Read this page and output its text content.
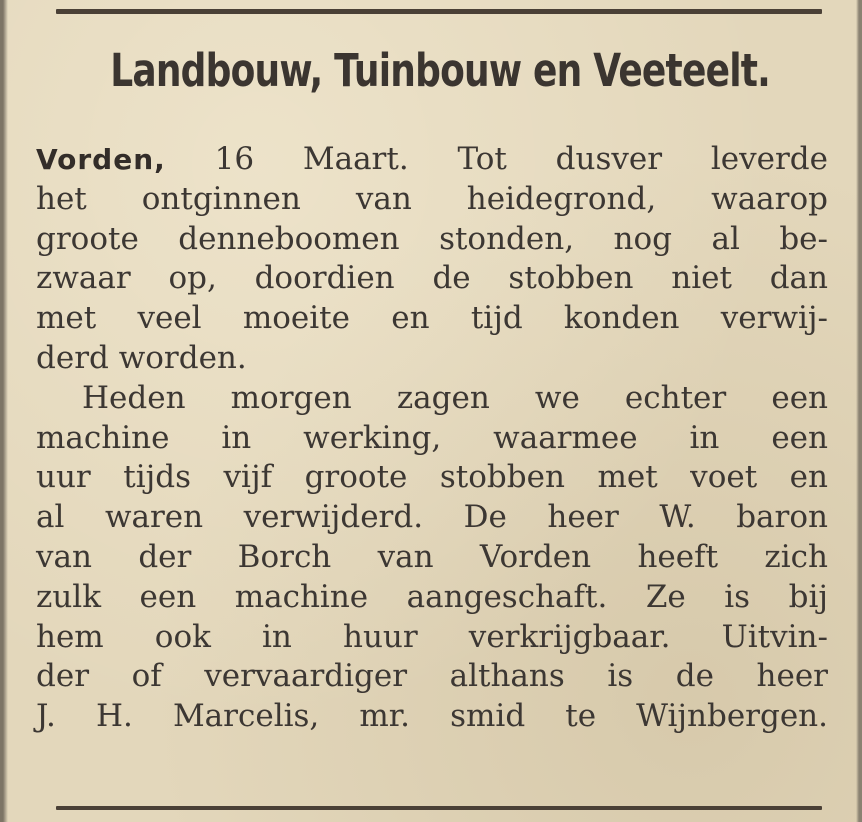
Landbouw, Tuinbouw en Veeteelt.
Vorden, 16 Maart. Tot dusver leverde
het ontginnen van heidegrond, waarop
groote denneboomen stonden, nog al be-
zwaar op, doordien de stobben niet dan
met veel moeite en tijd konden verwij-
derd worden.
Heden morgen zagen we echter een
machine in werking, waarmee in een
uur tijds vijf groote stobben met voet en
al waren verwijderd. De heer W. baron
van der Borch van Vorden heeft zich
zulk een machine aangeschaft. Ze is bij
hem ook in huur verkrijgbaar. Uitvin-
der of vervaardiger althans is de heer
J. H. Marcelis, mr. smid te Wijnbergen.
